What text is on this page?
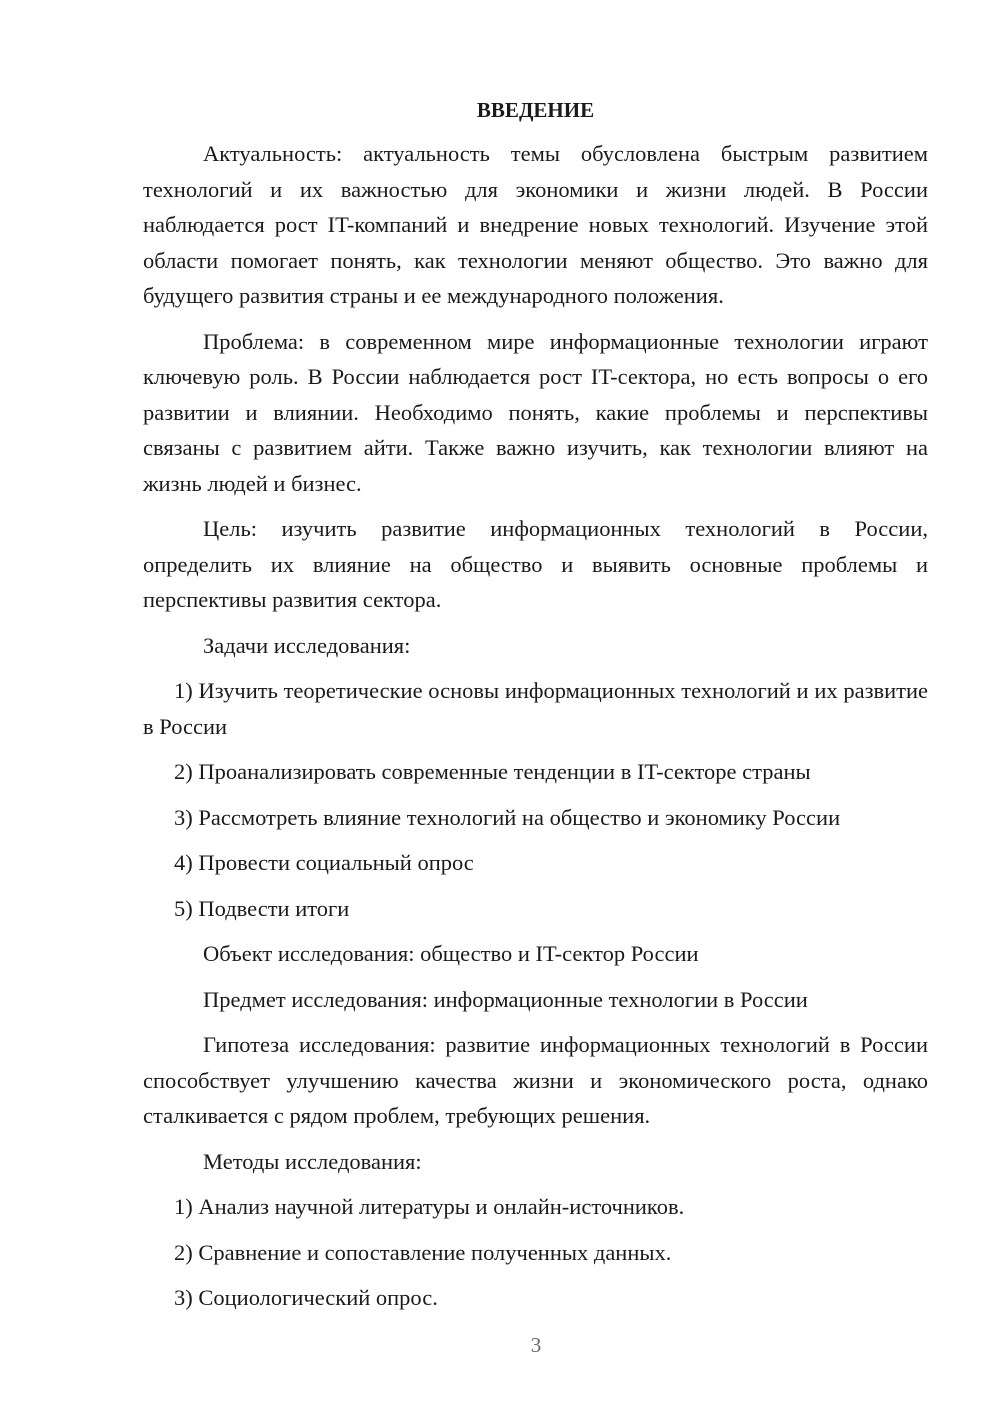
ВВЕДЕНИЕ

Актуальность: актуальность темы обусловлена быстрым развитием технологий и их важностью для экономики и жизни людей. В России наблюдается рост IT-компаний и внедрение новых технологий. Изучение этой области помогает понять, как технологии меняют общество. Это важно для будущего развития страны и ее международного положения.

Проблема: в современном мире информационные технологии играют ключевую роль. В России наблюдается рост IT-сектора, но есть вопросы о его развитии и влиянии. Необходимо понять, какие проблемы и перспективы связаны с развитием айти. Также важно изучить, как технологии влияют на жизнь людей и бизнес.

Цель: изучить развитие информационных технологий в России, определить их влияние на общество и выявить основные проблемы и перспективы развития сектора.

Задачи исследования:

1) Изучить теоретические основы информационных технологий и их развитие в России

2) Проанализировать современные тенденции в IT-секторе страны

3) Рассмотреть влияние технологий на общество и экономику России

4) Провести социальный опрос

5) Подвести итоги

Объект исследования: общество и IT-сектор России

Предмет исследования: информационные технологии в России

Гипотеза исследования: развитие информационных технологий в России способствует улучшению качества жизни и экономического роста, однако сталкивается с рядом проблем, требующих решения.

Методы исследования:

1) Анализ научной литературы и онлайн-источников.

2) Сравнение и сопоставление полученных данных.

3) Социологический опрос.

3
